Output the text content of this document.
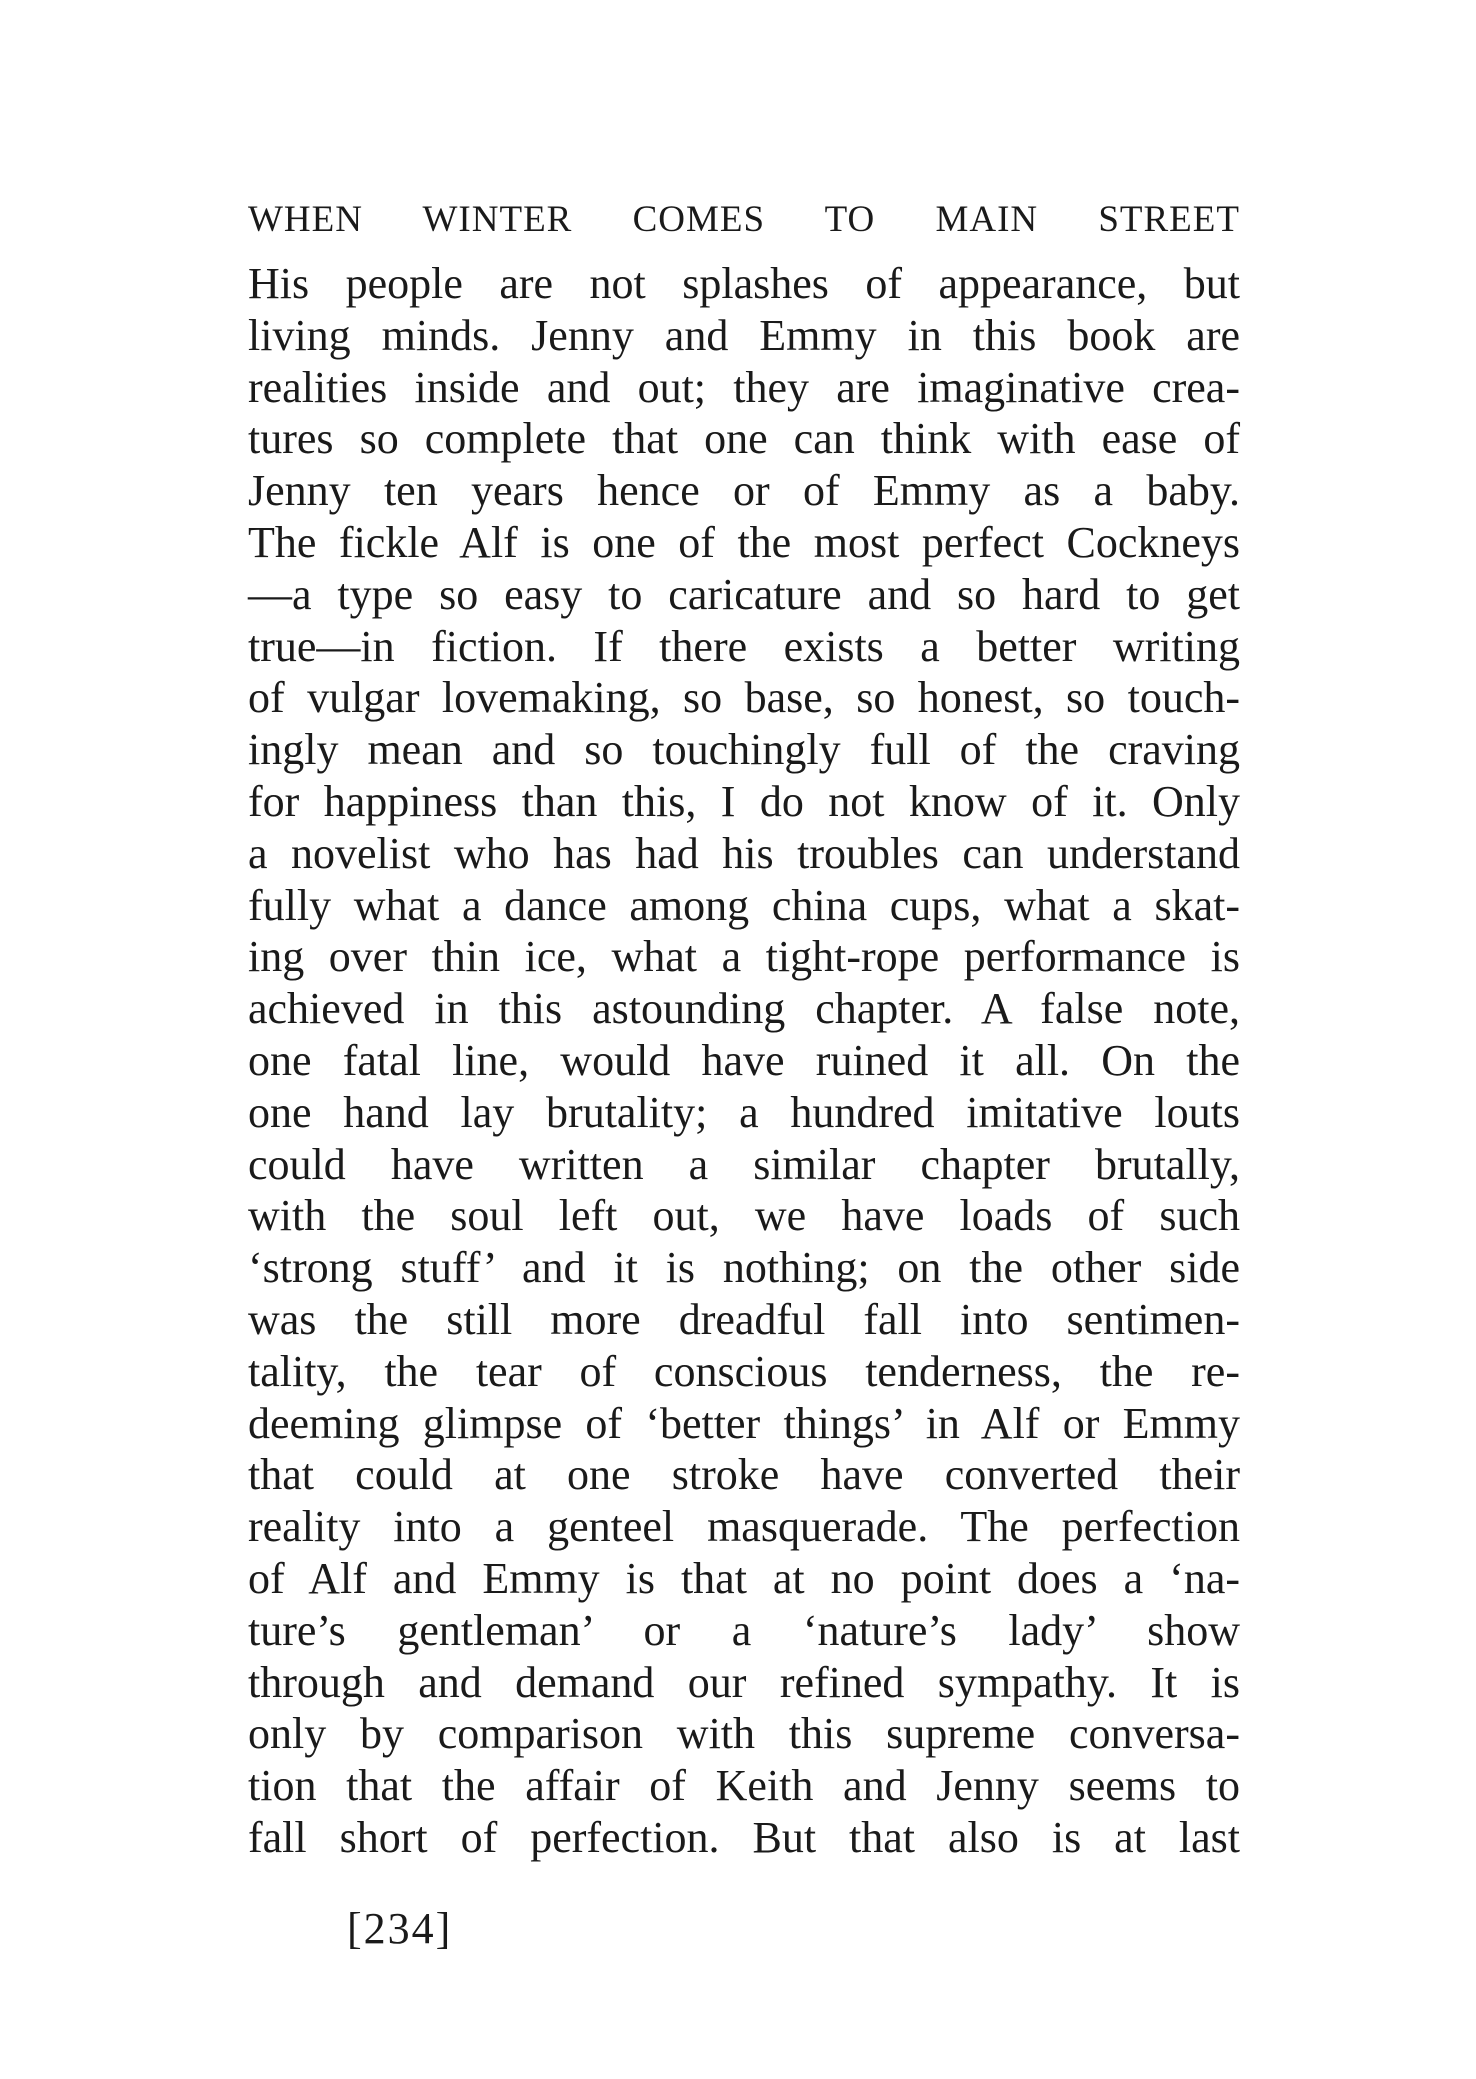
WHEN WINTER COMES TO MAIN STREET
His people are not splashes of appearance, but
living minds. Jenny and Emmy in this book are
realities inside and out; they are imaginative crea-
tures so complete that one can think with ease of
Jenny ten years hence or of Emmy as a baby.
The fickle Alf is one of the most perfect Cockneys
—a type so easy to caricature and so hard to get
true—in fiction. If there exists a better writing
of vulgar lovemaking, so base, so honest, so touch-
ingly mean and so touchingly full of the craving
for happiness than this, I do not know of it. Only
a novelist who has had his troubles can understand
fully what a dance among china cups, what a skat-
ing over thin ice, what a tight-rope performance is
achieved in this astounding chapter. A false note,
one fatal line, would have ruined it all. On the
one hand lay brutality; a hundred imitative louts
could have written a similar chapter brutally,
with the soul left out, we have loads of such
‘strong stuff’ and it is nothing; on the other side
was the still more dreadful fall into sentimen-
tality, the tear of conscious tenderness, the re-
deeming glimpse of ‘better things’ in Alf or Emmy
that could at one stroke have converted their
reality into a genteel masquerade. The perfection
of Alf and Emmy is that at no point does a ‘na-
ture’s gentleman’ or a ‘nature’s lady’ show
through and demand our refined sympathy. It is
only by comparison with this supreme conversa-
tion that the affair of Keith and Jenny seems to
fall short of perfection. But that also is at last
[234]
